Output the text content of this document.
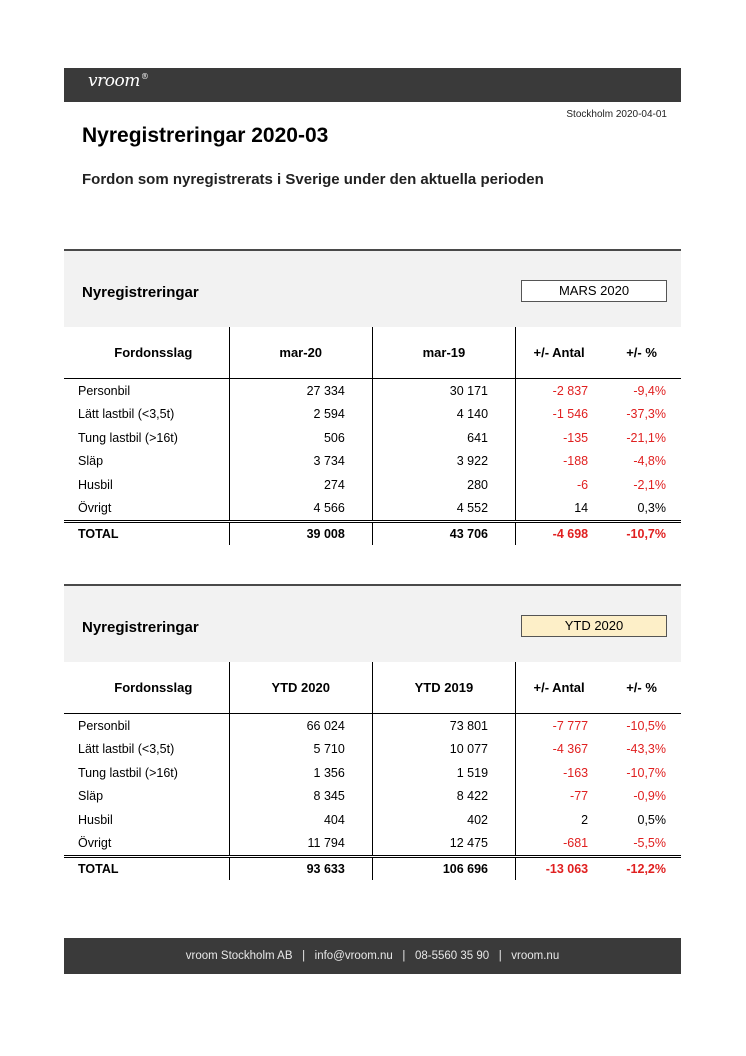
vroom®
Stockholm 2020-04-01
Nyregistreringar 2020-03
Fordon som nyregistrerats i Sverige under den aktuella perioden
Nyregistreringar	MARS 2020
Fordonsslag	mar-20	mar-19	+/- Antal	+/- %
Personbil	27 334	30 171	-2 837	-9,4%
Lätt lastbil (<3,5t)	2 594	4 140	-1 546	-37,3%
Tung lastbil (>16t)	506	641	-135	-21,1%
Släp	3 734	3 922	-188	-4,8%
Husbil	274	280	-6	-2,1%
Övrigt	4 566	4 552	14	0,3%
TOTAL	39 008	43 706	-4 698	-10,7%
Nyregistreringar	YTD 2020
Fordonsslag	YTD 2020	YTD 2019	+/- Antal	+/- %
Personbil	66 024	73 801	-7 777	-10,5%
Lätt lastbil (<3,5t)	5 710	10 077	-4 367	-43,3%
Tung lastbil (>16t)	1 356	1 519	-163	-10,7%
Släp	8 345	8 422	-77	-0,9%
Husbil	404	402	2	0,5%
Övrigt	11 794	12 475	-681	-5,5%
TOTAL	93 633	106 696	-13 063	-12,2%
vroom Stockholm AB   |   info@vroom.nu   |   08-5560 35 90   |   vroom.nu
